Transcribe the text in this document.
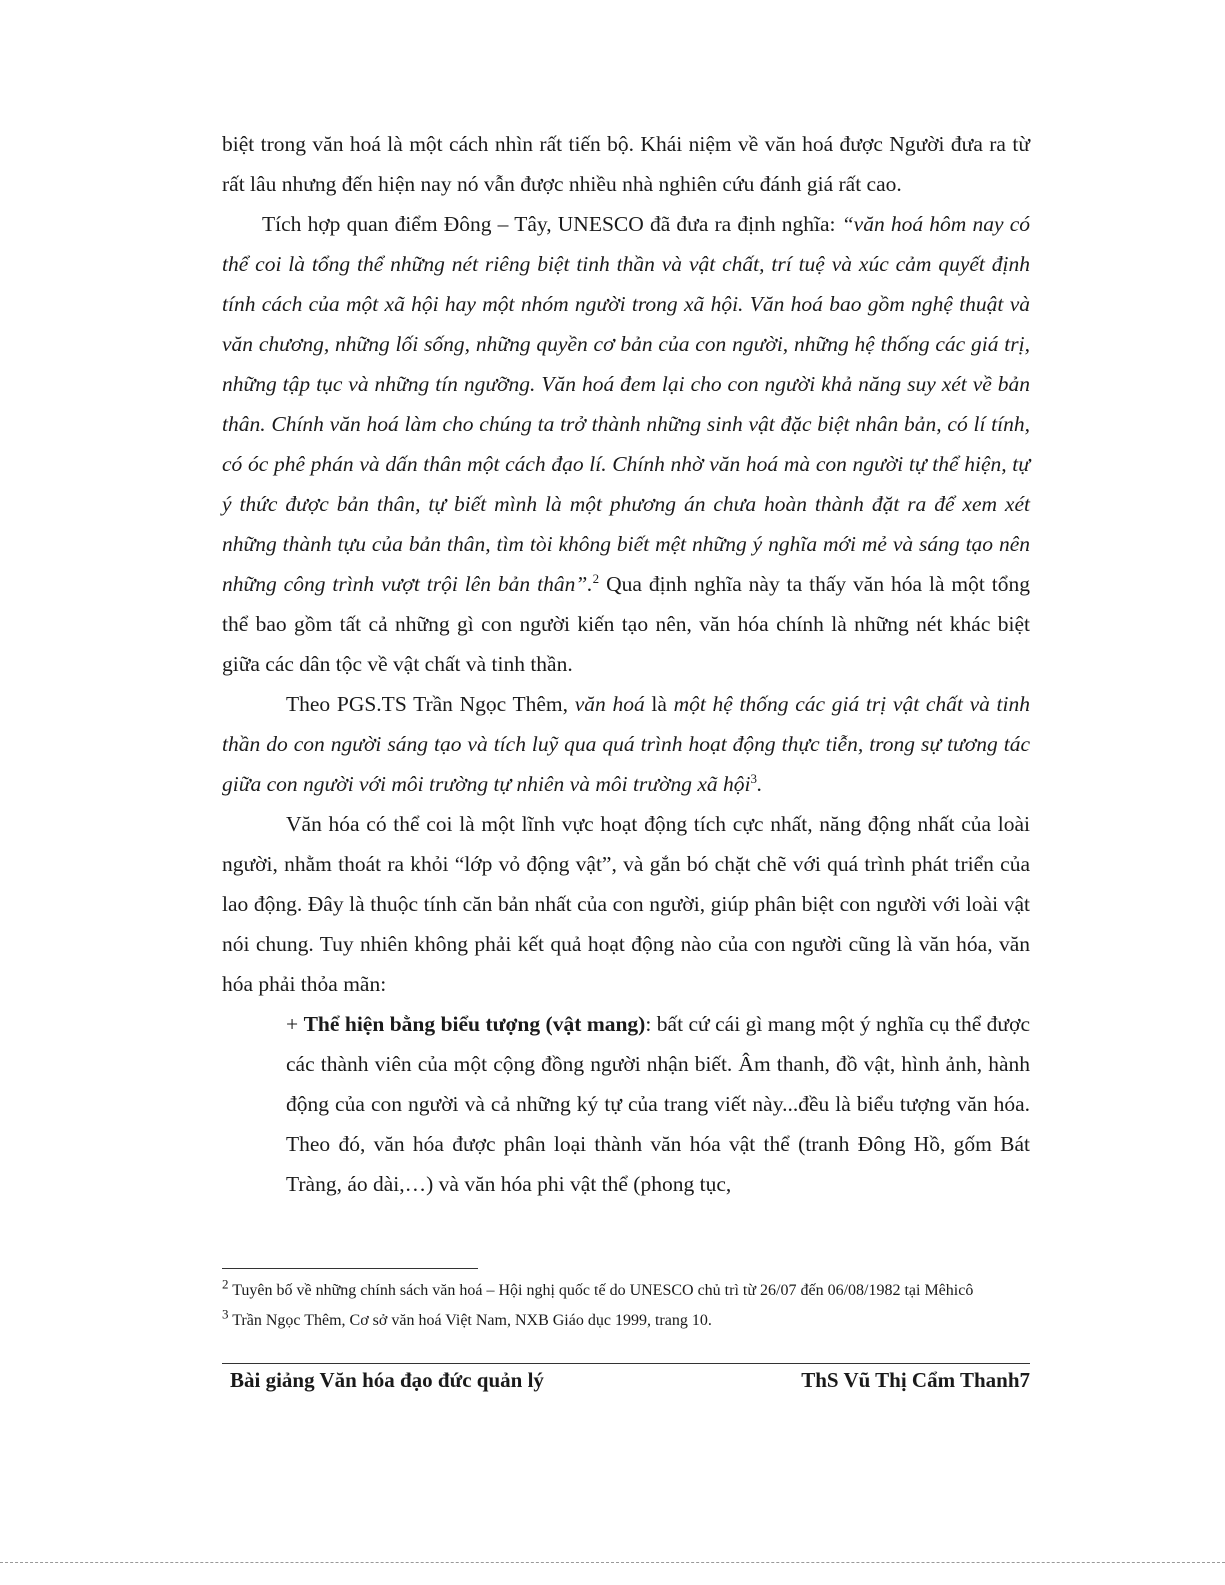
biệt trong văn hoá là một cách nhìn rất tiến bộ. Khái niệm về văn hoá được Người đưa ra từ rất lâu nhưng đến hiện nay nó vẫn được nhiều nhà nghiên cứu đánh giá rất cao.

Tích hợp quan điểm Đông – Tây, UNESCO đã đưa ra định nghĩa: “văn hoá hôm nay có thể coi là tổng thể những nét riêng biệt tinh thần và vật chất, trí tuệ và xúc cảm quyết định tính cách của một xã hội hay một nhóm người trong xã hội. Văn hoá bao gồm nghệ thuật và văn chương, những lối sống, những quyền cơ bản của con người, những hệ thống các giá trị, những tập tục và những tín ngưỡng. Văn hoá đem lại cho con người khả năng suy xét về bản thân. Chính văn hoá làm cho chúng ta trở thành những sinh vật đặc biệt nhân bản, có lí tính, có óc phê phán và dấn thân một cách đạo lí. Chính nhờ văn hoá mà con người tự thể hiện, tự ý thức được bản thân, tự biết mình là một phương án chưa hoàn thành đặt ra để xem xét những thành tựu của bản thân, tìm tòi không biết mệt những ý nghĩa mới mẻ và sáng tạo nên những công trình vượt trội lên bản thân”.$^2$ Qua định nghĩa này ta thấy văn hóa là một tổng thể bao gồm tất cả những gì con người kiến tạo nên, văn hóa chính là những nét khác biệt giữa các dân tộc về vật chất và tinh thần.

Theo PGS.TS Trần Ngọc Thêm, văn hoá là một hệ thống các giá trị vật chất và tinh thần do con người sáng tạo và tích luỹ qua quá trình hoạt động thực tiễn, trong sự tương tác giữa con người với môi trường tự nhiên và môi trường xã hội$^3$.

Văn hóa có thể coi là một lĩnh vực hoạt động tích cực nhất, năng động nhất của loài người, nhằm thoát ra khỏi “lớp vỏ động vật”, và gắn bó chặt chẽ với quá trình phát triển của lao động. Đây là thuộc tính căn bản nhất của con người, giúp phân biệt con người với loài vật nói chung. Tuy nhiên không phải kết quả hoạt động nào của con người cũng là văn hóa, văn hóa phải thỏa mãn:

+ Thể hiện bằng biểu tượng (vật mang): bất cứ cái gì mang một ý nghĩa cụ thể được các thành viên của một cộng đồng người nhận biết. Âm thanh, đồ vật, hình ảnh, hành động của con người và cả những ký tự của trang viết này...đều là biểu tượng văn hóa. Theo đó, văn hóa được phân loại thành văn hóa vật thể (tranh Đông Hồ, gốm Bát Tràng, áo dài,…) và văn hóa phi vật thể (phong tục,

$^2$ Tuyên bố về những chính sách văn hoá – Hội nghị quốc tế do UNESCO chủ trì từ 26/07 đến 06/08/1982 tại Mêhicô

$^3$ Trần Ngọc Thêm, Cơ sở văn hoá Việt Nam, NXB Giáo dục 1999, trang 10.

Bài giảng Văn hóa đạo đức quản lý	ThS Vũ Thị Cẩm Thanh7
